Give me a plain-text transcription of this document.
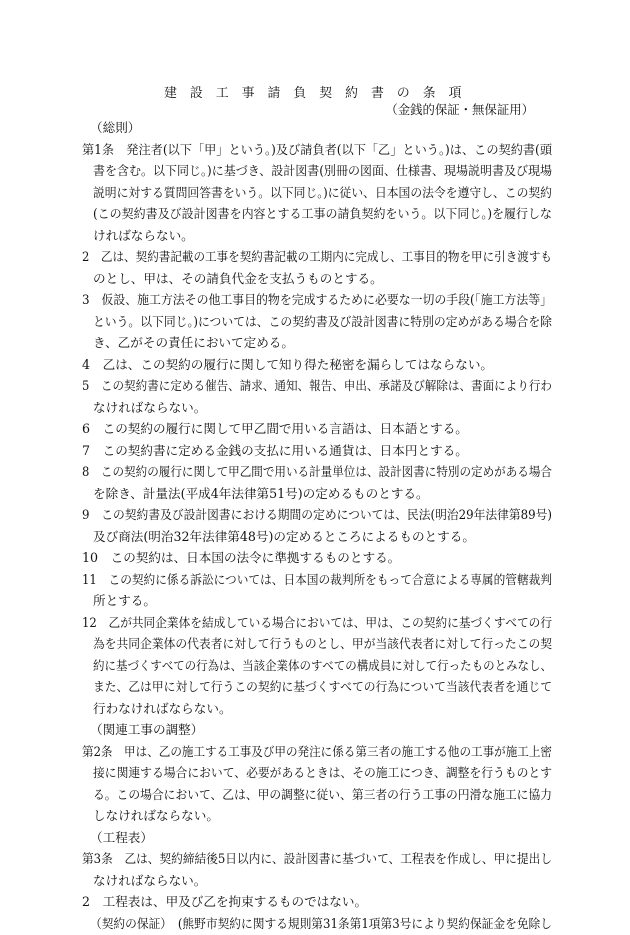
建 設 工 事 請 負 契 約 書 の 条 項
（金銭的保証・無保証用）
（総則）
第1条　発注者(以下「甲」という。)及び請負者(以下「乙」という。)は、この契約書(頭
書を含む。以下同じ。)に基づき、設計図書(別冊の図面、仕様書、現場説明書及び現場
説明に対する質問回答書をいう。以下同じ。)に従い、日本国の法令を遵守し、この契約
(この契約書及び設計図書を内容とする工事の請負契約をいう。以下同じ。)を履行しな
ければならない。
2　乙は、契約書記載の工事を契約書記載の工期内に完成し、工事目的物を甲に引き渡すも
のとし、甲は、その請負代金を支払うものとする。
3　仮設、施工方法その他工事目的物を完成するために必要な一切の手段(「施工方法等」
という。以下同じ。)については、この契約書及び設計図書に特別の定めがある場合を除
き、乙がその責任において定める。
4　乙は、この契約の履行に関して知り得た秘密を漏らしてはならない。
5　この契約書に定める催告、請求、通知、報告、申出、承諾及び解除は、書面により行わ
なければならない。
6　この契約の履行に関して甲乙間で用いる言語は、日本語とする。
7　この契約書に定める金銭の支払に用いる通貨は、日本円とする。
8　この契約の履行に関して甲乙間で用いる計量単位は、設計図書に特別の定めがある場合
を除き、計量法(平成4年法律第51号)の定めるものとする。
9　この契約書及び設計図書における期間の定めについては、民法(明治29年法律第89号)
及び商法(明治32年法律第48号)の定めるところによるものとする。
10　この契約は、日本国の法令に準拠するものとする。
11　この契約に係る訴訟については、日本国の裁判所をもって合意による専属的管轄裁判
所とする。
12　乙が共同企業体を結成している場合においては、甲は、この契約に基づくすべての行
為を共同企業体の代表者に対して行うものとし、甲が当該代表者に対して行ったこの契
約に基づくすべての行為は、当該企業体のすべての構成員に対して行ったものとみなし、
また、乙は甲に対して行うこの契約に基づくすべての行為について当該代表者を通じて
行わなければならない。
（関連工事の調整）
第2条　甲は、乙の施工する工事及び甲の発注に係る第三者の施工する他の工事が施工上密
接に関連する場合において、必要があるときは、その施工につき、調整を行うものとす
る。この場合において、乙は、甲の調整に従い、第三者の行う工事の円滑な施工に協力
しなければならない。
（工程表）
第3条　乙は、契約締結後5日以内に、設計図書に基づいて、工程表を作成し、甲に提出し
なければならない。
2　工程表は、甲及び乙を拘束するものではない。
（契約の保証）　(熊野市契約に関する規則第31条第1項第3号により契約保証金を免除し
